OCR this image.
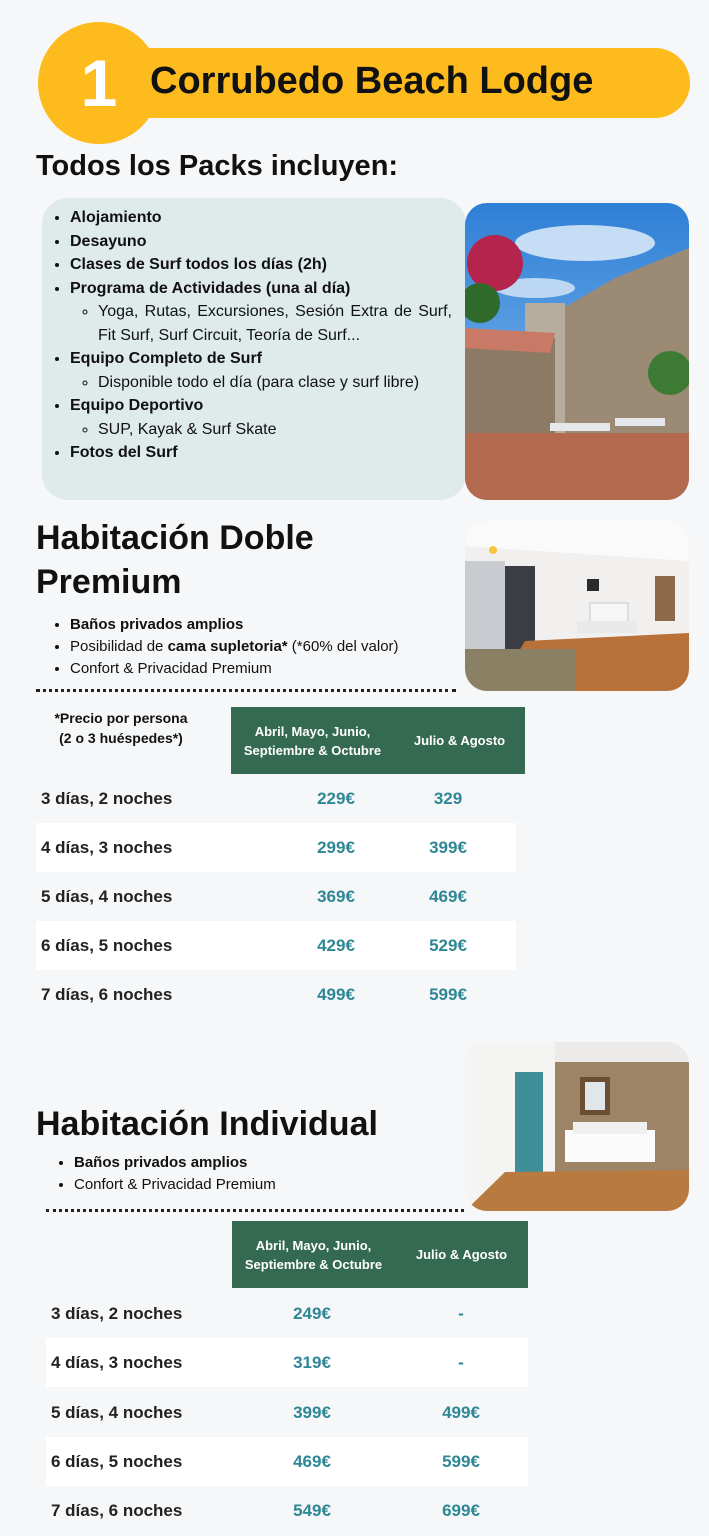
1 Corrubedo Beach Lodge
Todos los Packs incluyen:
• Alojamiento
• Desayuno
• Clases de Surf todos los días (2h)
• Programa de Actividades (una al día)
◦ Yoga, Rutas, Excursiones, Sesión Extra de Surf, Fit Surf, Surf Circuit, Teoría de Surf...
• Equipo Completo de Surf
◦ Disponible todo el día (para clase y surf libre)
• Equipo Deportivo
◦ SUP, Kayak & Surf Skate
• Fotos del Surf
Habitación Doble
Premium
• Baños privados amplios
• Posibilidad de cama supletoria* (*60% del valor)
• Confort & Privacidad Premium
*Precio por persona
(2 o 3 huéspedes*)	Abril, Mayo, Junio,
Septiembre & Octubre
Julio & Agosto
3 días, 2 noches	229€	329
4 días, 3 noches	299€	399€
5 días, 4 noches	369€	469€
6 días, 5 noches	429€	529€
7 días, 6 noches	499€	599€
Habitación Individual
• Baños privados amplios
• Confort & Privacidad Premium
Abril, Mayo, Junio,
Septiembre & Octubre
Julio & Agosto
3 días, 2 noches	249€	-
4 días, 3 noches	319€	-
5 días, 4 noches	399€	499€
6 días, 5 noches	469€	599€
7 días, 6 noches	549€	699€
